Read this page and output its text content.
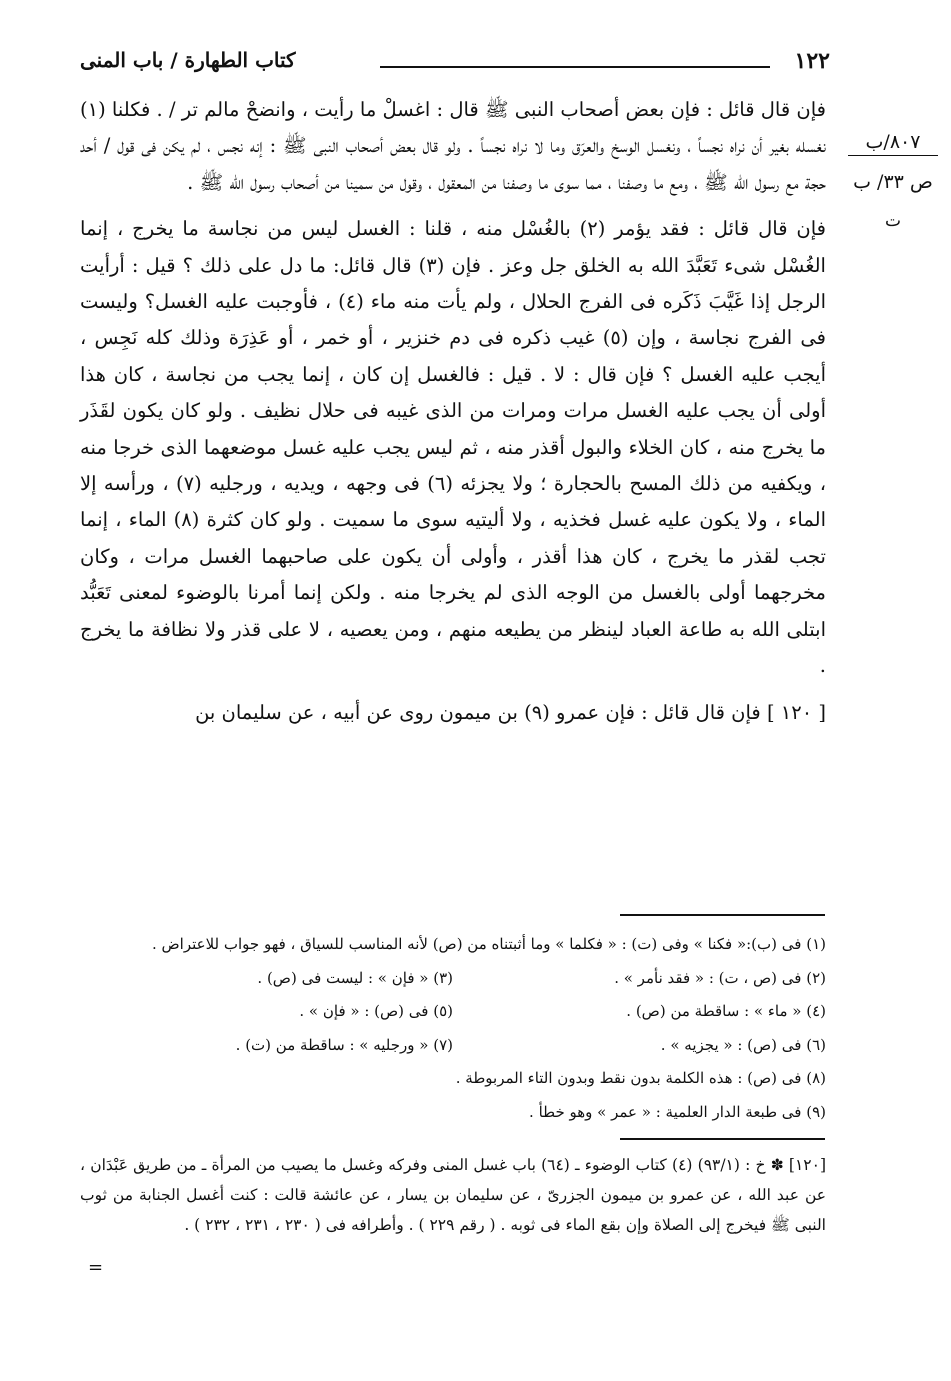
١٢٢
كتاب الطهارة / باب المنى
٨٠٧/ب
ص ٣٣/ ب
ت

فإن قال قائل : فإن بعض أصحاب النبى ﷺ قال : اغسلْ ما رأيت ، وانضحْ مالم تر / . فكلنا (١) نغسله بغير أن نراه نجساً ، ونغسل الوسخ والعرَق وما لا نراه نجساً . ولو قال بعض أصحاب النبى ﷺ : إنه نجس ، لم يكن فى قول / أحد حجة مع رسول الله ﷺ ، ومع ما وصفنا ، مما سوى ما وصفنا من المعقول ، وقول من سمينا من أصحاب رسول الله ﷺ .

فإن قال قائل : فقد يؤمر (٢) بالغُسْل منه ، قلنا : الغسل ليس من نجاسة ما يخرج ، إنما الغُسْل شىء تَعَبَّدَ الله به الخلق جل وعز . فإن (٣) قال قائل: ما دل على ذلك ؟ قيل : أرأيت الرجل إذا غَيَّبَ ذَكَره فى الفرج الحلال ، ولم يأت منه ماء (٤) ، فأوجبت عليه الغسل؟ وليست فى الفرج نجاسة ، وإن (٥) غيب ذكره فى دم خنزير ، أو خمر ، أو عَذِرَة وذلك كله نَجِس ، أيجب عليه الغسل ؟ فإن قال : لا . قيل : فالغسل إن كان ، إنما يجب من نجاسة ، كان هذا أولى أن يجب عليه الغسل مرات ومرات من الذى غيبه فى حلال نظيف . ولو كان يكون لقَذَر ما يخرج منه ، كان الخلاء والبول أقذر منه ، ثم ليس يجب عليه غسل موضعهما الذى خرجا منه ، ويكفيه من ذلك المسح بالحجارة ؛ ولا يجزئه (٦) فى وجهه ، ويديه ، ورجليه (٧) ، ورأسه إلا الماء ، ولا يكون عليه غسل فخذيه ، ولا أليتيه سوى ما سميت . ولو كان كثرة (٨) الماء ، إنما تجب لقذر ما يخرج ، كان هذا أقذر ، وأولى أن يكون على صاحبهما الغسل مرات ، وكان مخرجهما أولى بالغسل من الوجه الذى لم يخرجا منه . ولكن إنما أمرنا بالوضوء لمعنى تَعَبُّد ابتلى الله به طاعة العباد لينظر من يطيعه منهم ، ومن يعصيه ، لا على قذر ولا نظافة ما يخرج .

[ ١٢٠ ] فإن قال قائل : فإن عمرو (٩) بن ميمون روى عن أبيه ، عن سليمان بن

(١) فى (ب):« فكنا » وفى (ت) : « فكلما » وما أثبتناه من (ص) لأنه المناسب للسياق ، فهو جواب للاعتراض .
(٢) فى (ص ، ت) : « فقد نأمر » .
(٣) « فإن » : ليست فى (ص) .
(٤) « ماء » : ساقطة من (ص) .
(٥) فى (ص) : « فإن » .
(٦) فى (ص) : « يجزيه » .
(٧) « ورجليه » : ساقطة من (ت) .
(٨) فى (ص) : هذه الكلمة بدون نقط وبدون التاء المربوطة .
(٩) فى طبعة الدار العلمية : « عمر » وهو خطأ .
[١٢٠] ✽ خ : (٩٣/١) (٤) كتاب الوضوء ـ (٦٤) باب غسل المنى وفركه وغسل ما يصيب من المرأة ـ من طريق عَبْدَان ، عن عبد الله ، عن عمرو بن ميمون الجزرىّ ، عن سليمان بن يسار ، عن عائشة قالت : كنت أغسل الجنابة من ثوب النبى ﷺ فيخرج إلى الصلاة وإن بقع الماء فى ثوبه . ( رقم ٢٢٩ ) . وأطرافه فى ( ٢٣٠ ، ٢٣١ ، ٢٣٢ ) .
=
